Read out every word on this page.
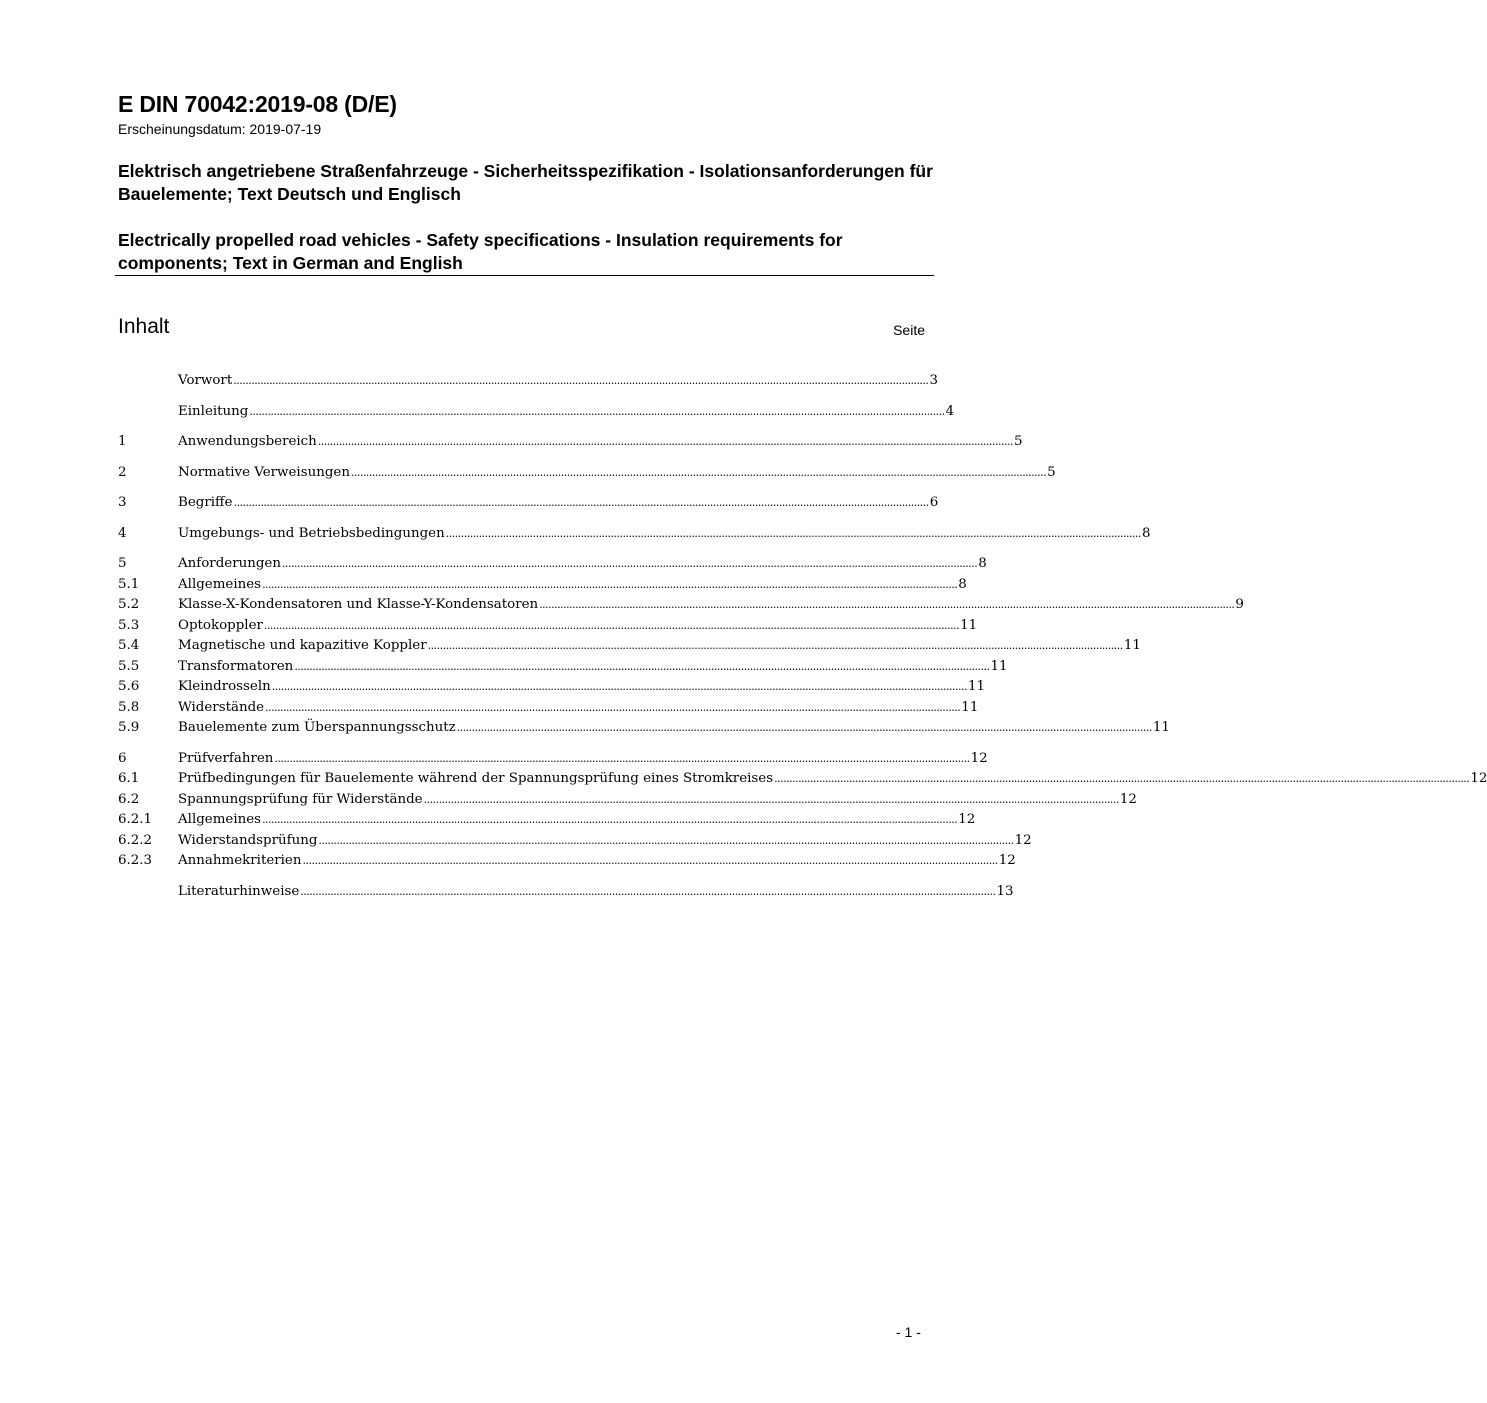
E DIN 70042:2019-08 (D/E)
Erscheinungsdatum: 2019-07-19
Elektrisch angetriebene Straßenfahrzeuge - Sicherheitsspezifikation - Isolationsanforderungen für Bauelemente; Text Deutsch und Englisch
Electrically propelled road vehicles - Safety specifications - Insulation requirements for components; Text in German and English
Inhalt	Seite
Vorwort .....	3
Einleitung .....	4
1	Anwendungsbereich .....	5
2	Normative Verweisungen .....	5
3	Begriffe .....	6
4	Umgebungs- und Betriebsbedingungen .....	8
5	Anforderungen .....	8
5.1	Allgemeines .....	8
5.2	Klasse-X-Kondensatoren und Klasse-Y-Kondensatoren .....	9
5.3	Optokoppler .....	11
5.4	Magnetische und kapazitive Koppler .....	11
5.5	Transformatoren .....	11
5.6	Kleindrosseln .....	11
5.8	Widerstände .....	11
5.9	Bauelemente zum Überspannungsschutz .....	11
6	Prüfverfahren .....	12
6.1	Prüfbedingungen für Bauelemente während der Spannungsprüfung eines Stromkreises .....	12
6.2	Spannungsprüfung für Widerstände .....	12
6.2.1	Allgemeines .....	12
6.2.2	Widerstandsprüfung .....	12
6.2.3	Annahmekriterien .....	12
Literaturhinweise .....	13
- 1 -
